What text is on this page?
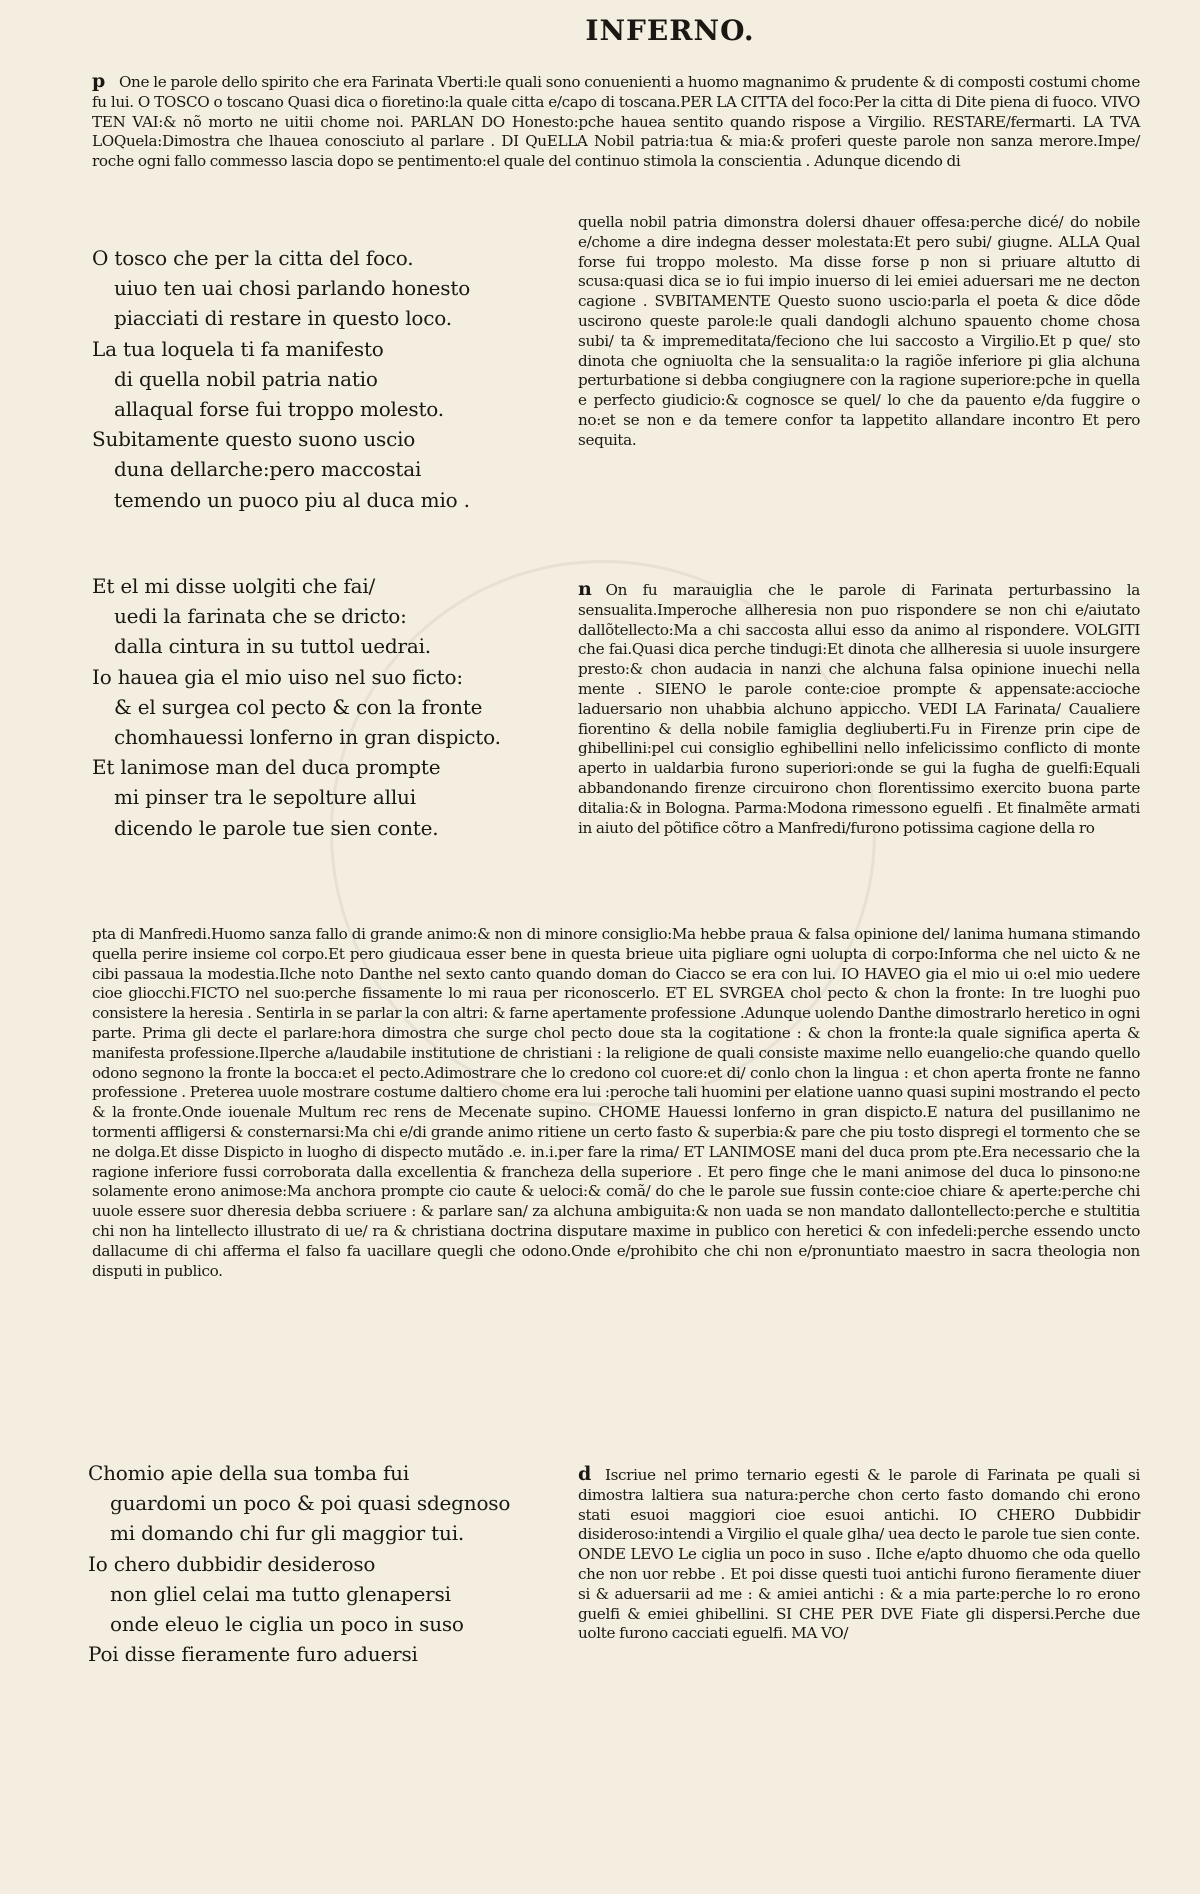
INFERNO.
p One le parole dello spirito che era Farinata Vberti:le quali sono conuenienti a huomo magnanimo & prudente & di composti costumi chome fu lui. O TOSCO o toscano Quasi dica o fioretino:la quale citta e/capo di toscana.PER LA CITTA del foco:Per la citta di Dite piena di fuoco. VIVO TEN VAI:& nõ morto ne uitii chome noi. PARLAN DO Honesto:pche hauea sentito quando rispose a Virgilio. RESTARE/fermarti. LA TVA LOQuela:Dimostra che lhauea conosciuto al parlare . DI QuELLA Nobil patria:tua & mia:& proferi queste parole non sanza merore.Impe/ roche ogni fallo commesso lascia dopo se pentimento:el quale del continuo stimola la conscientia . Adunque dicendo di
O tosco che per la citta del foco.
uiuo ten uai chosi parlando honesto
piacciati di restare in questo loco.
La tua loquela ti fa manifesto
di quella nobil patria natio
allaqual forse fui troppo molesto.
Subitamente questo suono uscio
duna dellarche:pero maccostai
temendo un puoco piu al duca mio .
quella nobil patria dimonstra dolersi dhauer offesa:perche dicé/ do nobile e/chome a dire indegna desser molestata:Et pero subi/ giugne. ALLA Qual forse fui troppo molesto. Ma disse forse p non si priuare altutto di scusa:quasi dica se io fui impio inuerso di lei emiei aduersari me ne decton cagione . SVBITAMENTE Questo suono uscio:parla el poeta & dice dõde uscirono queste parole:le quali dandogli alchuno spauento chome chosa subi/ ta & impremeditata/feciono che lui saccosto a Virgilio.Et p que/ sto dinota che ogniuolta che la sensualita:o la ragiõe inferiore pi glia alchuna perturbatione si debba congiugnere con la ragione superiore:pche in quella e perfecto giudicio:& cognosce se quel/ lo che da pauento e/da fuggire o no:et se non e da temere confor ta lappetito allandare incontro Et pero sequita.
Et el mi disse uolgiti che fai/
uedi la farinata che se dricto:
dalla cintura in su tuttol uedrai.
Io hauea gia el mio uiso nel suo ficto:
& el surgea col pecto & con la fronte
chomhauessi lonferno in gran dispicto.
Et lanimose man del duca prompte
mi pinser tra le sepolture allui
dicendo le parole tue sien conte.
n On fu marauiglia che le parole di Farinata perturbassino la sensualita.Imperoche allheresia non puo rispondere se non chi e/aiutato dallõtellecto:Ma a chi saccosta allui esso da animo al rispondere. VOLGITI che fai.Quasi dica perche tindugi:Et dinota che allheresia si uuole insurgere presto:& chon audacia in nanzi che alchuna falsa opinione inuechi nella mente . SIENO le parole conte:cioe prompte & appensate:accioche laduersario non uhabbia alchuno appiccho. VEDI LA Farinata/ Caualiere fiorentino & della nobile famiglia degliuberti.Fu in Firenze prin cipe de ghibellini:pel cui consiglio eghibellini nello infelicissimo conflicto di monte aperto in ualdarbia furono superiori:onde se gui la fugha de guelfi:Equali abbandonando firenze circuirono chon florentissimo exercito buona parte ditalia:& in Bologna. Parma:Modona rimessono eguelfi . Et finalmẽte armati in aiuto del põtifice cõtro a Manfredi/furono potissima cagione della ro
pta di Manfredi.Huomo sanza fallo di grande animo:& non di minore consiglio:Ma hebbe praua & falsa opinione del/ lanima humana stimando quella perire insieme col corpo.Et pero giudicaua esser bene in questa brieue uita pigliare ogni uolupta di corpo:Informa che nel uicto & ne cibi passaua la modestia.Ilche noto Danthe nel sexto canto quando doman do Ciacco se era con lui. IO HAVEO gia el mio ui o:el mio uedere cioe gliocchi.FICTO nel suo:perche fissamente lo mi raua per riconoscerlo. ET EL SVRGEA chol pecto & chon la fronte: In tre luoghi puo consistere la heresia . Sentirla in se parlar la con altri: & farne apertamente professione .Adunque uolendo Danthe dimostrarlo heretico in ogni parte. Prima gli decte el parlare:hora dimostra che surge chol pecto doue sta la cogitatione : & chon la fronte:la quale significa aperta & manifesta professione.Ilperche a/laudabile institutione de christiani : la religione de quali consiste maxime nello euangelio:che quando quello odono segnono la fronte la bocca:et el pecto.Adimostrare che lo credono col cuore:et di/ conlo chon la lingua : et chon aperta fronte ne fanno professione . Preterea uuole mostrare costume daltiero chome era lui :peroche tali huomini per elatione uanno quasi supini mostrando el pecto & la fronte.Onde iouenale Multum rec rens de Mecenate supino. CHOME Hauessi lonferno in gran dispicto.E natura del pusillanimo ne tormenti affligersi & consternarsi:Ma chi e/di grande animo ritiene un certo fasto & superbia:& pare che piu tosto dispregi el tormento che se ne dolga.Et disse Dispicto in luogho di dispecto mutãdo .e. in.i.per fare la rima/ ET LANIMOSE mani del duca prom pte.Era necessario che la ragione inferiore fussi corroborata dalla excellentia & francheza della superiore . Et pero finge che le mani animose del duca lo pinsono:ne solamente erono animose:Ma anchora prompte cio caute & ueloci:& comã/ do che le parole sue fussin conte:cioe chiare & aperte:perche chi uuole essere suor dheresia debba scriuere : & parlare san/ za alchuna ambiguita:& non uada se non mandato dallontellecto:perche e stultitia chi non ha lintellecto illustrato di ue/ ra & christiana doctrina disputare maxime in publico con heretici & con infedeli:perche essendo uncto dallacume di chi afferma el falso fa uacillare quegli che odono.Onde e/prohibito che chi non e/pronuntiato maestro in sacra theologia non disputi in publico.
Chomio apie della sua tomba fui
guardomi un poco & poi quasi sdegnoso
mi domando chi fur gli maggior tui.
Io chero dubbidir desideroso
non gliel celai ma tutto glenapersi
onde eleuo le ciglia un poco in suso
Poi disse fieramente furo aduersi
d Iscriue nel primo ternario egesti & le parole di Farinata pe quali si dimostra laltiera sua natura:perche chon certo fasto domando chi erono stati esuoi maggiori cioe esuoi antichi. IO CHERO Dubbidir disideroso:intendi a Virgilio el quale glha/ uea decto le parole tue sien conte. ONDE LEVO Le ciglia un poco in suso . Ilche e/apto dhuomo che oda quello che non uor rebbe . Et poi disse questi tuoi antichi furono fieramente diuer si & aduersarii ad me : & amiei antichi : & a mia parte:perche lo ro erono guelfi & emiei ghibellini. SI CHE PER DVE Fiate gli dispersi.Perche due uolte furono cacciati eguelfi. MA VO/
